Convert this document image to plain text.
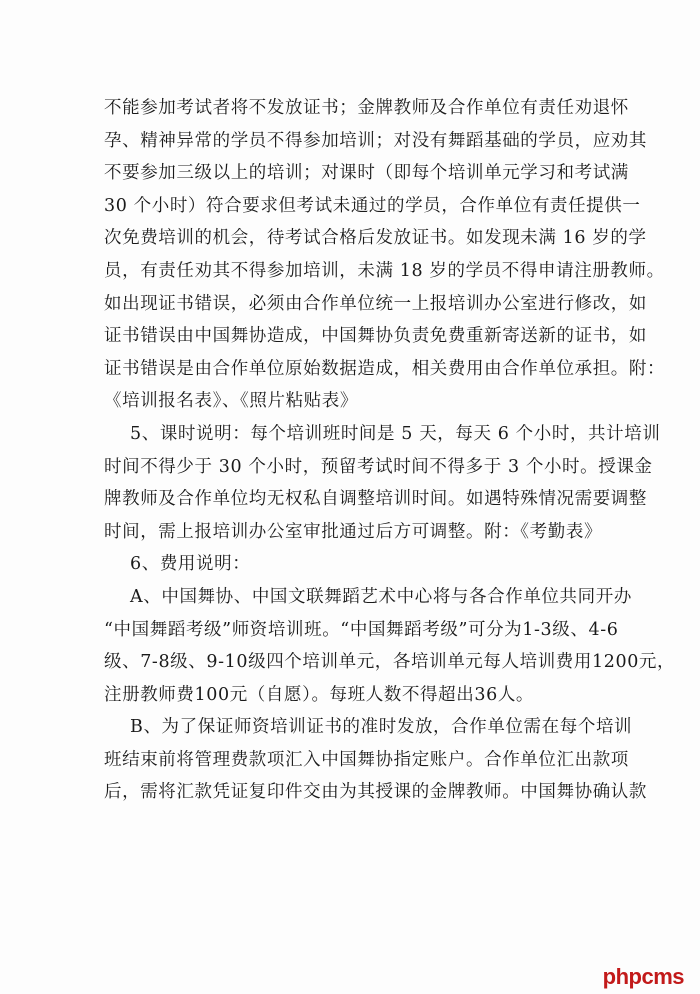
不能参加考试者将不发放证书；金牌教师及合作单位有责任劝退怀
孕、精神异常的学员不得参加培训；对没有舞蹈基础的学员，应劝其
不要参加三级以上的培训；对课时（即每个培训单元学习和考试满
30 个小时）符合要求但考试未通过的学员，合作单位有责任提供一
次免费培训的机会，待考试合格后发放证书。如发现未满 16 岁的学
员，有责任劝其不得参加培训，未满 18 岁的学员不得申请注册教师。
如出现证书错误，必须由合作单位统一上报培训办公室进行修改，如
证书错误由中国舞协造成，中国舞协负责免费重新寄送新的证书，如
证书错误是由合作单位原始数据造成，相关费用由合作单位承担。附：
《培训报名表》、《照片粘贴表》
5、课时说明：每个培训班时间是 5 天，每天 6 个小时，共计培训
时间不得少于 30 个小时，预留考试时间不得多于 3 个小时。授课金
牌教师及合作单位均无权私自调整培训时间。如遇特殊情况需要调整
时间，需上报培训办公室审批通过后方可调整。附：《考勤表》
6、费用说明：
A、中国舞协、中国文联舞蹈艺术中心将与各合作单位共同开办
“中国舞蹈考级”师资培训班。“中国舞蹈考级”可分为1-3级、4-6
级、7-8级、9-10级四个培训单元，各培训单元每人培训费用1200元，
注册教师费100元（自愿）。每班人数不得超出36人。
B、为了保证师资培训证书的准时发放，合作单位需在每个培训
班结束前将管理费款项汇入中国舞协指定账户。合作单位汇出款项
后，需将汇款凭证复印件交由为其授课的金牌教师。中国舞协确认款
phpcms
